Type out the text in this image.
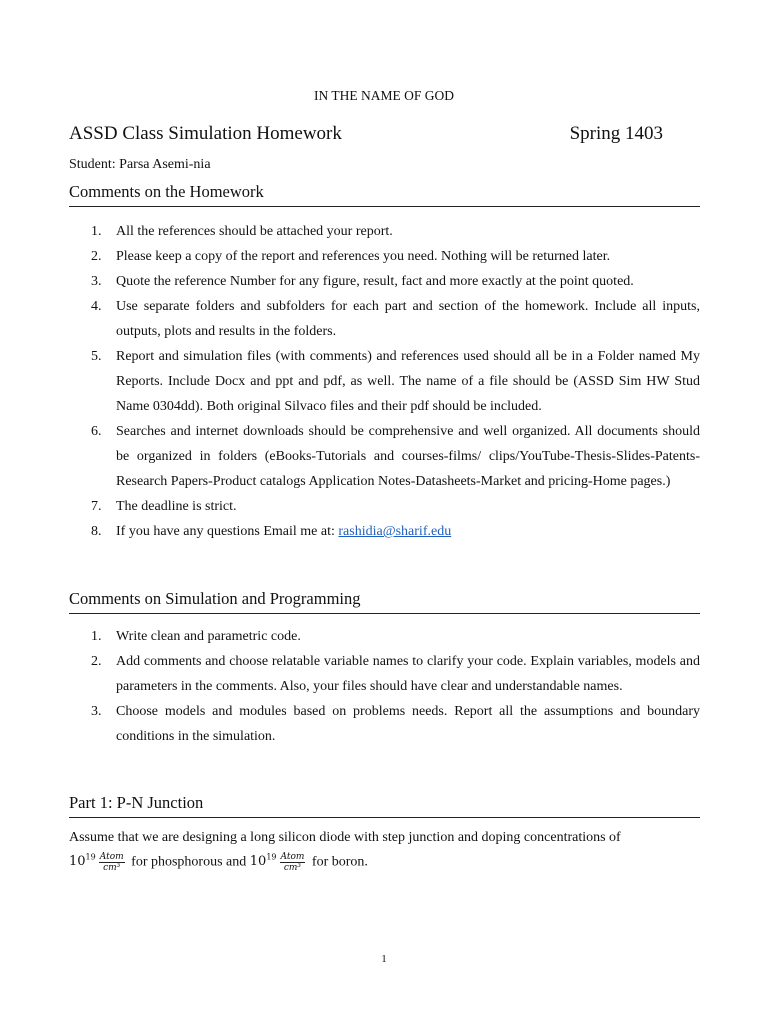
IN THE NAME OF GOD
ASSD Class Simulation Homework	Spring 1403
Student: Parsa Asemi-nia
Comments on the Homework
1. All the references should be attached your report.
2. Please keep a copy of the report and references you need. Nothing will be returned later.
3. Quote the reference Number for any figure, result, fact and more exactly at the point quoted.
4. Use separate folders and subfolders for each part and section of the homework. Include all inputs, outputs, plots and results in the folders.
5. Report and simulation files (with comments) and references used should all be in a Folder named My Reports. Include Docx and ppt and pdf, as well. The name of a file should be (ASSD Sim HW Stud Name 0304dd). Both original Silvaco files and their pdf should be included.
6. Searches and internet downloads should be comprehensive and well organized. All documents should be organized in folders (eBooks-Tutorials and courses-films/ clips/YouTube-Thesis-Slides-Patents- Research Papers-Product catalogs Application Notes-Datasheets-Market and pricing-Home pages.)
7. The deadline is strict.
8. If you have any questions Email me at: rashidia@sharif.edu
Comments on Simulation and Programming
1. Write clean and parametric code.
2. Add comments and choose relatable variable names to clarify your code. Explain variables, models and parameters in the comments. Also, your files should have clear and understandable names.
3. Choose models and modules based on problems needs. Report all the assumptions and boundary conditions in the simulation.
Part 1: P-N Junction
Assume that we are designing a long silicon diode with step junction and doping concentrations of
$10^{19} \frac{\text{Atom}}{\text{cm³}}$ for phosphorous and $10^{19} \frac{\text{Atom}}{\text{cm³}}$ for boron.
1
